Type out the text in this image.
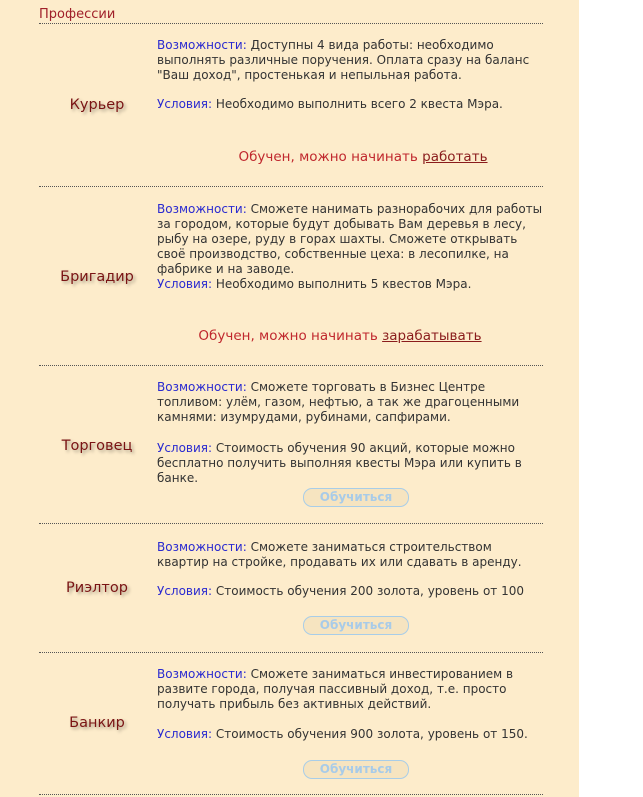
Профессии
Курьер
Возможности: Доступны 4 вида работы: необходимо выполнять различные поручения. Оплата сразу на баланс "Ваш доход", простенькая и непыльная работа.
Условия: Необходимо выполнить всего 2 квеста Мэра.
Обучен, можно начинать работать
Бригадир
Возможности: Сможете нанимать разнорабочих для работы за городом, которые будут добывать Вам деревья в лесу, рыбу на озере, руду в горах шахты. Сможете открывать своё производство, собственные цеха: в лесопилке, на фабрике и на заводе.
Условия: Необходимо выполнить 5 квестов Мэра.
Обучен, можно начинать зарабатывать
Торговец
Возможности: Сможете торговать в Бизнес Центре топливом: улём, газом, нефтью, а так же драгоценными камнями: изумрудами, рубинами, сапфирами.
Условия: Стоимость обучения 90 акций, которые можно бесплатно получить выполняя квесты Мэра или купить в банке.
Обучиться
Риэлтор
Возможности: Сможете заниматься строительством квартир на стройке, продавать их или сдавать в аренду.
Условия: Стоимость обучения 200 золота, уровень от 100
Обучиться
Банкир
Возможности: Сможете заниматься инвестированием в развите города, получая пассивный доход, т.е. просто получать прибыль без активных действий.
Условия: Стоимость обучения 900 золота, уровень от 150.
Обучиться
